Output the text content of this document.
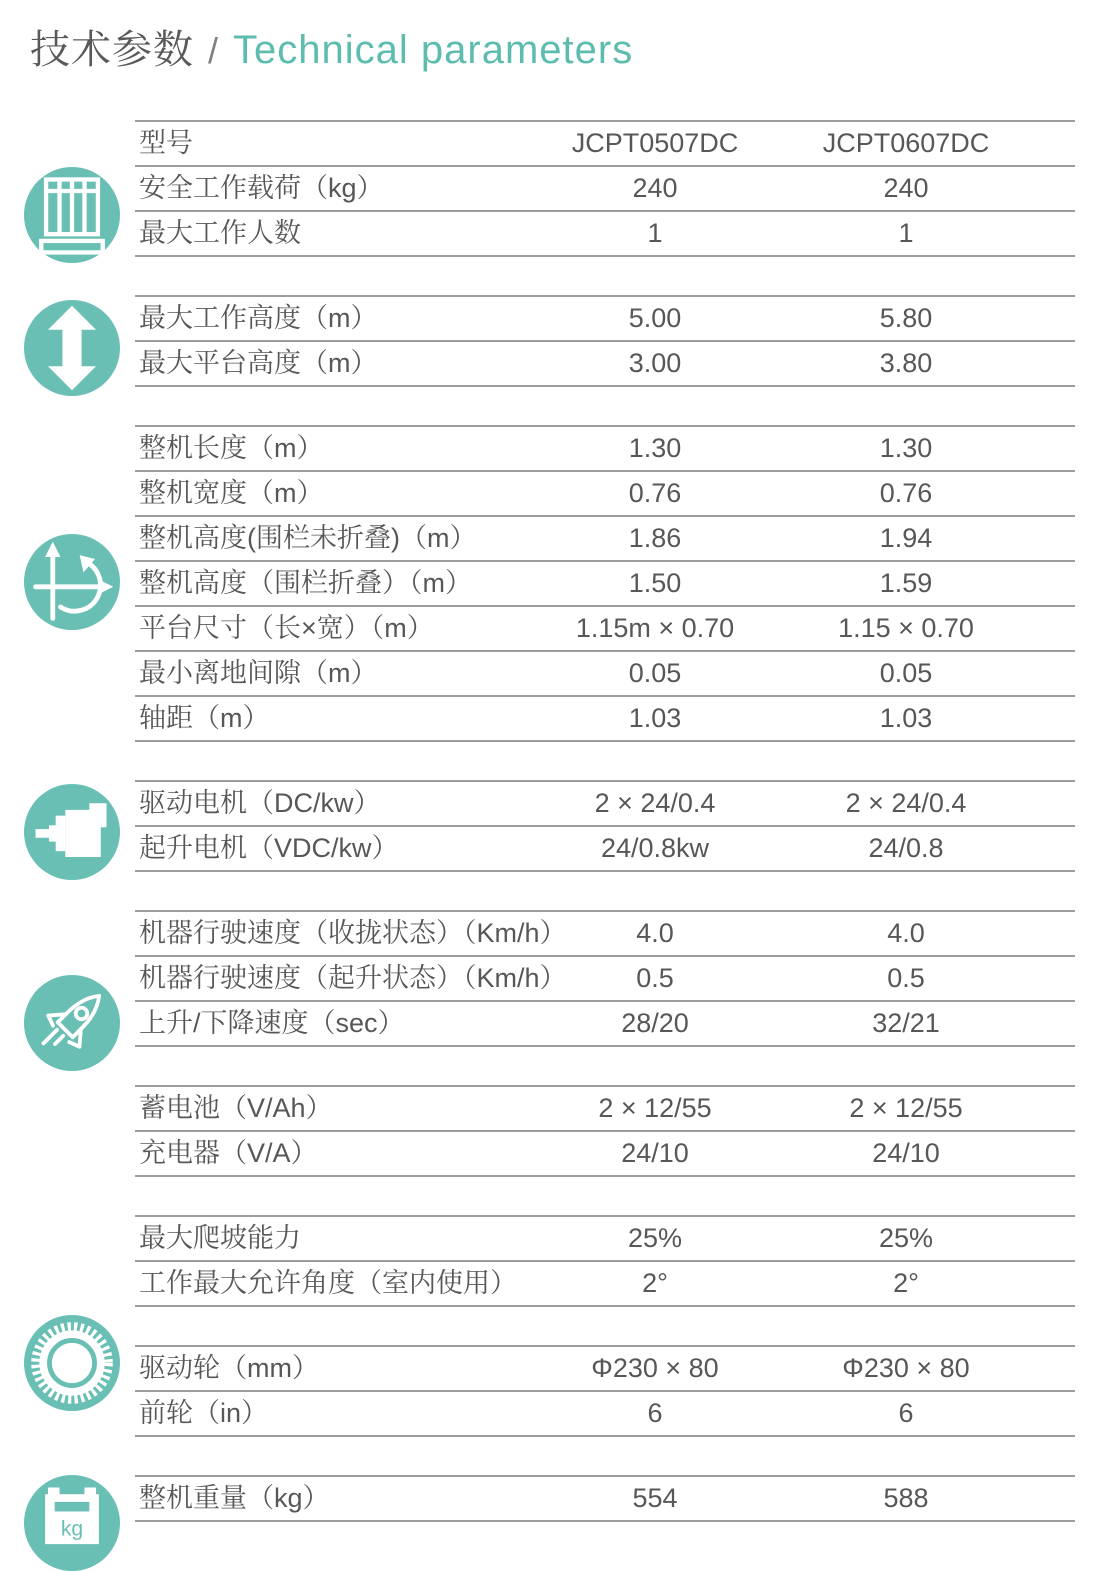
技术参数 / Technical parameters
kg
型号	JCPT0507DC	JCPT0607DC
安全工作载荷（kg）	240	240
最大工作人数	1	1
最大工作高度（m）	5.00	5.80
最大平台高度（m）	3.00	3.80
整机长度（m）	1.30	1.30
整机宽度（m）	0.76	0.76
整机高度(围栏未折叠)（m）	1.86	1.94
整机高度（围栏折叠）（m）	1.50	1.59
平台尺寸（长×宽）（m）	1.15m × 0.70	1.15 × 0.70
最小离地间隙（m）	0.05	0.05
轴距（m）	1.03	1.03
驱动电机（DC/kw）	2 × 24/0.4	2 × 24/0.4
起升电机（VDC/kw）	24/0.8kw	24/0.8
机器行驶速度（收拢状态）（Km/h）	4.0	4.0
机器行驶速度（起升状态）（Km/h）	0.5	0.5
上升/下降速度（sec）	28/20	32/21
蓄电池（V/Ah）	2 × 12/55	2 × 12/55
充电器（V/A）	24/10	24/10
最大爬坡能力	25%	25%
工作最大允许角度（室内使用）	2°	2°
驱动轮（mm）	Φ230 × 80	Φ230 × 80
前轮（in）	6	6
整机重量（kg）	554	588
